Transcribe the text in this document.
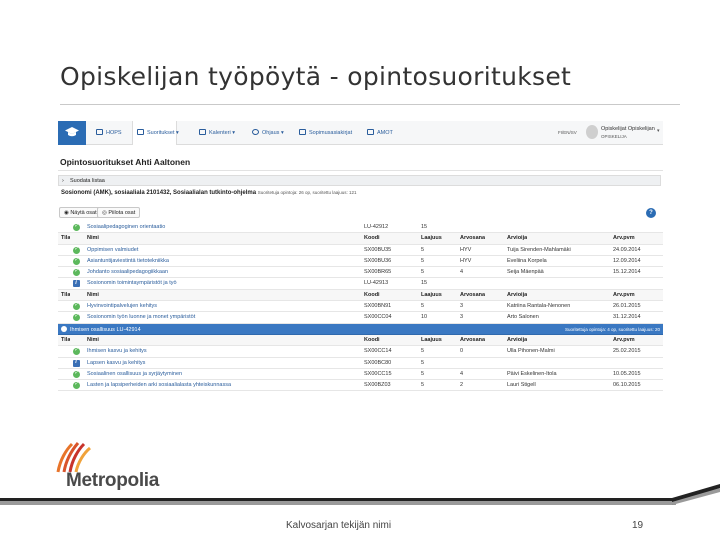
Opiskelijan työpöytä - opintosuoritukset
HOPS	Suoritukset ▾	Kalenteri ▾	Ohjaus ▾	Sopimusasiakirjat	AMOT	FI/EN/SV
Opiskelijat Opiskelijan
OPISKELIJA
▾
Opintosuoritukset Ahti Aaltonen
› Suodata listaa
Sosionomi (AMK), sosiaaliala 2101432, Sosiaalialan tutkinto-ohjelma Suoritetuja opintoja: 26 op, suoritettu laajuus: 121
◉ Näytä osat ◎ Piilota osat	?
✓
Sosiaalipedagoginen orientaatio	LU-42912	15
Tila	Nimi	Koodi	Laajuus	Arvosana	Arvioija	Arv.pvm
✓
Oppimisen valmiudet	SX00BU35	5	HYV	Tuija Sirenden-Mahlamäki	24.09.2014
✓
Asiantuntijaviestintä tietotekniikka	SX00BU36	5	HYV	Eveliina Korpela	12.09.2014
✓
Johdanto sosiaalipedagogiikkaan	SX00BR65	5	4	Seija Mäenpää	15.12.2014
i
Sosionomin toimintaympäristöt ja työ	LU-42913	15
Tila	Nimi	Koodi	Laajuus	Arvosana	Arvioija	Arv.pvm
✓
Hyvinvointipalvelujen kehitys	SX00BN91	5	3	Katriina Rantala-Nenonen	26.01.2015
✓
Sosionomin työn luonne ja monet ympäristöt	SX00CC04	10	3	Arto Salonen	31.12.2014
Ihmisen osallisuus LU-42914	Suoritettuja opintoja: 4 op, suoritettu laajuus: 20
Tila	Nimi	Koodi	Laajuus	Arvosana	Arvioija	Arv.pvm
✓
Ihmisen kasvu ja kehitys	SX00CC14	5	0	Ulla Pihonen-Malmi	25.02.2015
i
Lapsen kasvu ja kehitys	SX00BC80	5
✓
Sosiaalinen osallisuus ja syrjäytyminen	SX00CC15	5	4	Päivi Eskelinen-Itola	10.05.2015
✓
Lasten ja lapsiperheiden arki sosiaalialasta yhteiskunnassa	SX00BZ03	5	2	Lauri Stigell	06.10.2015
Metropolia
Kalvosarjan tekijän nimi	19
